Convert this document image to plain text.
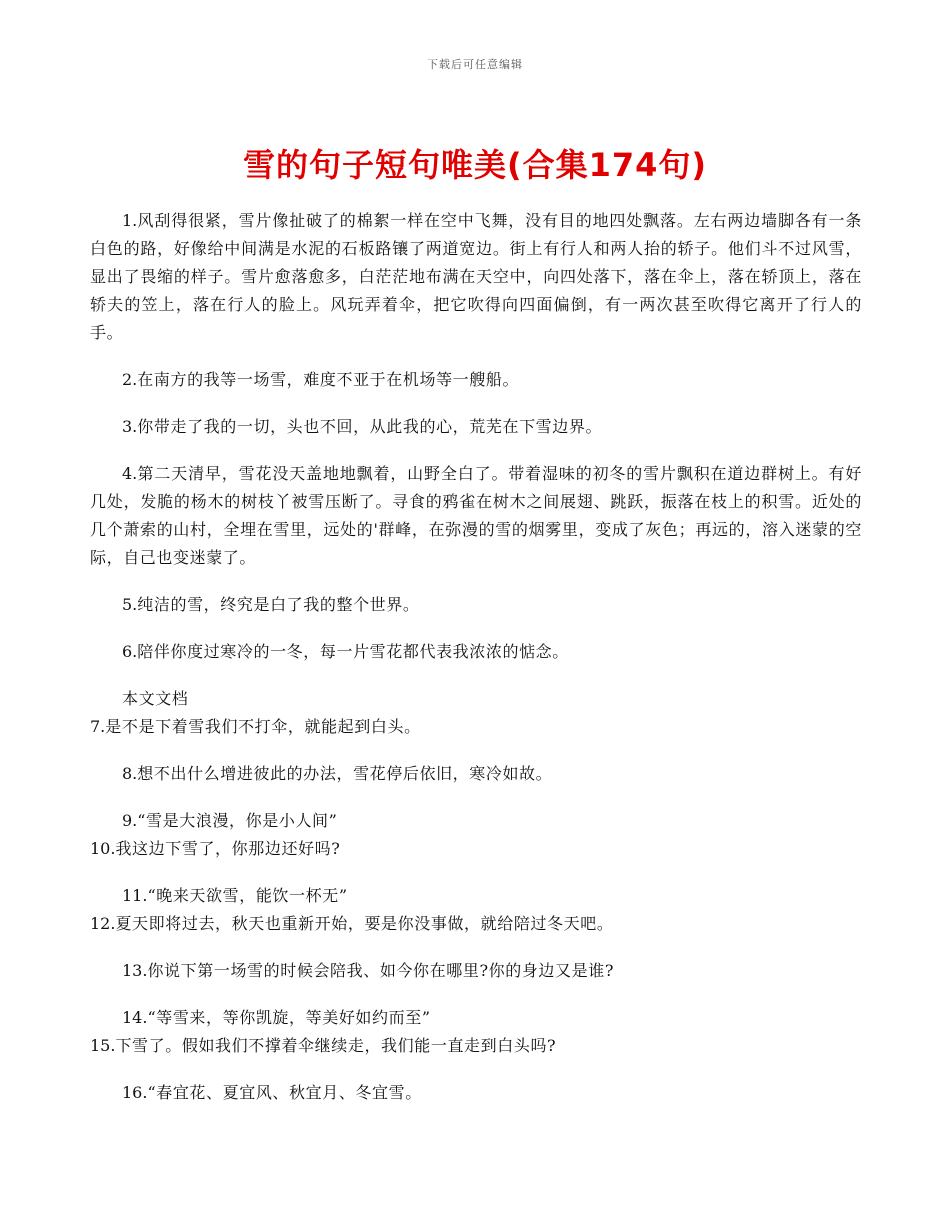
下载后可任意编辑
雪的句子短句唯美(合集174句)

1.风刮得很紧，雪片像扯破了的棉絮一样在空中飞舞，没有目的地四处飘落。左右两边墙脚各有一条白色的路，好像给中间满是水泥的石板路镶了两道宽边。街上有行人和两人抬的轿子。他们斗不过风雪，显出了畏缩的样子。雪片愈落愈多，白茫茫地布满在天空中，向四处落下，落在伞上，落在轿顶上，落在轿夫的笠上，落在行人的脸上。风玩弄着伞，把它吹得向四面偏倒，有一两次甚至吹得它离开了行人的手。

2.在南方的我等一场雪，难度不亚于在机场等一艘船。

3.你带走了我的一切，头也不回，从此我的心，荒芜在下雪边界。

4.第二天清早，雪花没天盖地地飘着，山野全白了。带着湿味的初冬的雪片飘积在道边群树上。有好几处，发脆的杨木的树枝丫被雪压断了。寻食的鸦雀在树木之间展翅、跳跃，振落在枝上的积雪。近处的几个萧索的山村，全埋在雪里，远处的'群峰，在弥漫的雪的烟雾里，变成了灰色；再远的，溶入迷蒙的空际，自己也变迷蒙了。

5.纯洁的雪，终究是白了我的整个世界。

6.陪伴你度过寒冷的一冬，每一片雪花都代表我浓浓的惦念。

本文文档

7.是不是下着雪我们不打伞，就能起到白头。

8.想不出什么增进彼此的办法，雪花停后依旧，寒冷如故。

9.“雪是大浪漫，你是小人间”

10.我这边下雪了，你那边还好吗?

11.“晚来天欲雪，能饮一杯无”

12.夏天即将过去，秋天也重新开始，要是你没事做，就给陪过冬天吧。

13.你说下第一场雪的时候会陪我、如今你在哪里?你的身边又是谁?

14.“等雪来，等你凯旋，等美好如约而至”

15.下雪了。假如我们不撑着伞继续走，我们能一直走到白头吗?

16.“春宜花、夏宜风、秋宜月、冬宜雪。
